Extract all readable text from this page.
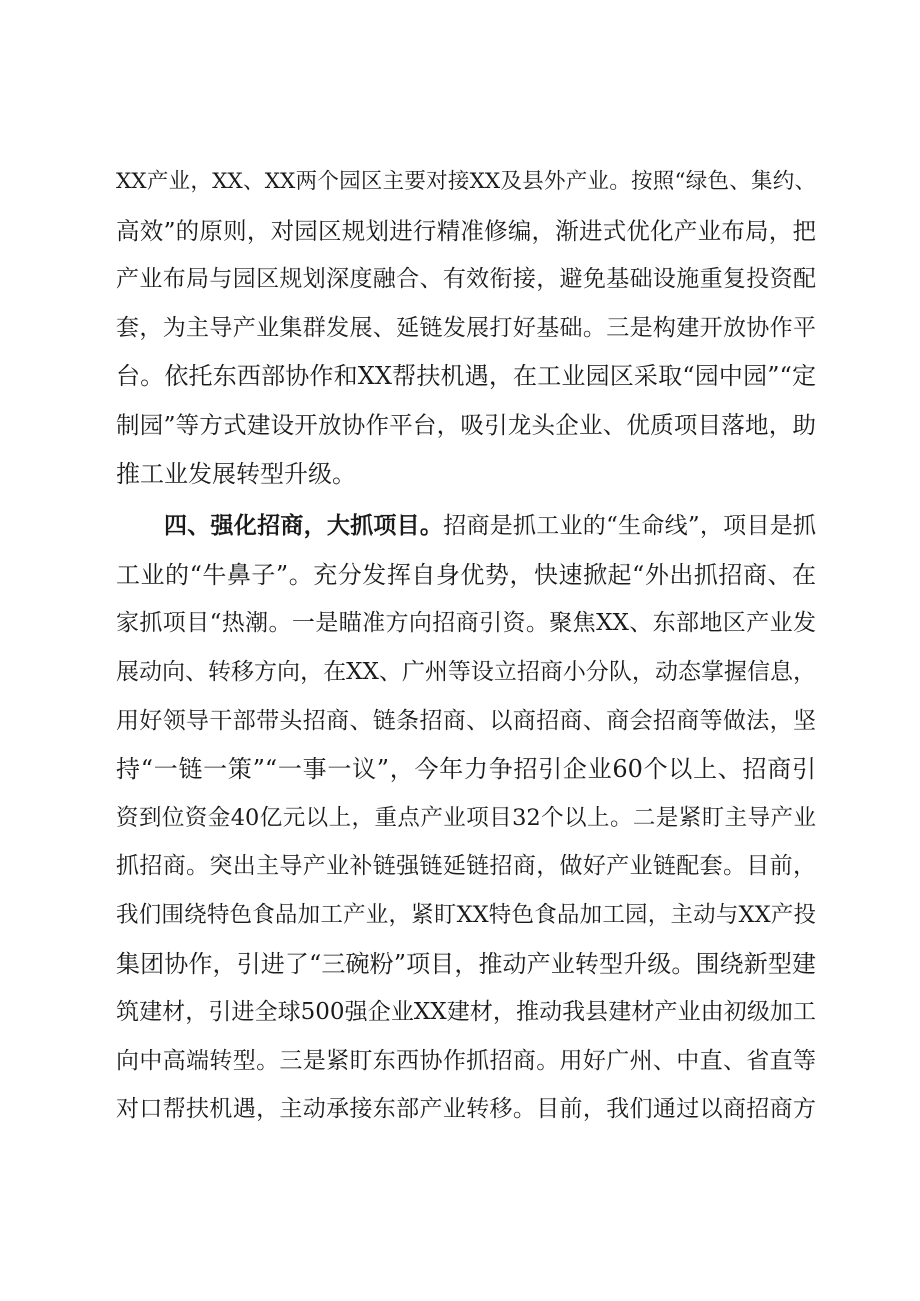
XX产业，XX、XX两个园区主要对接XX及县外产业。按照“绿色、集约、
高效”的原则，对园区规划进行精准修编，渐进式优化产业布局，把
产业布局与园区规划深度融合、有效衔接，避免基础设施重复投资配
套，为主导产业集群发展、延链发展打好基础。三是构建开放协作平
台。依托东西部协作和XX帮扶机遇，在工业园区采取“园中园”“定
制园”等方式建设开放协作平台，吸引龙头企业、优质项目落地，助
推工业发展转型升级。
四、强化招商，大抓项目。招商是抓工业的“生命线”，项目是抓
工业的“牛鼻子”。充分发挥自身优势，快速掀起“外出抓招商、在
家抓项目“热潮。一是瞄准方向招商引资。聚焦XX、东部地区产业发
展动向、转移方向，在XX、广州等设立招商小分队，动态掌握信息，
用好领导干部带头招商、链条招商、以商招商、商会招商等做法，坚
持“一链一策”“一事一议”，今年力争招引企业60个以上、招商引
资到位资金40亿元以上，重点产业项目32个以上。二是紧盯主导产业
抓招商。突出主导产业补链强链延链招商，做好产业链配套。目前，
我们围绕特色食品加工产业，紧盯XX特色食品加工园，主动与XX产投
集团协作，引进了“三碗粉”项目，推动产业转型升级。围绕新型建
筑建材，引进全球500强企业XX建材，推动我县建材产业由初级加工
向中高端转型。三是紧盯东西协作抓招商。用好广州、中直、省直等
对口帮扶机遇，主动承接东部产业转移。目前，我们通过以商招商方
